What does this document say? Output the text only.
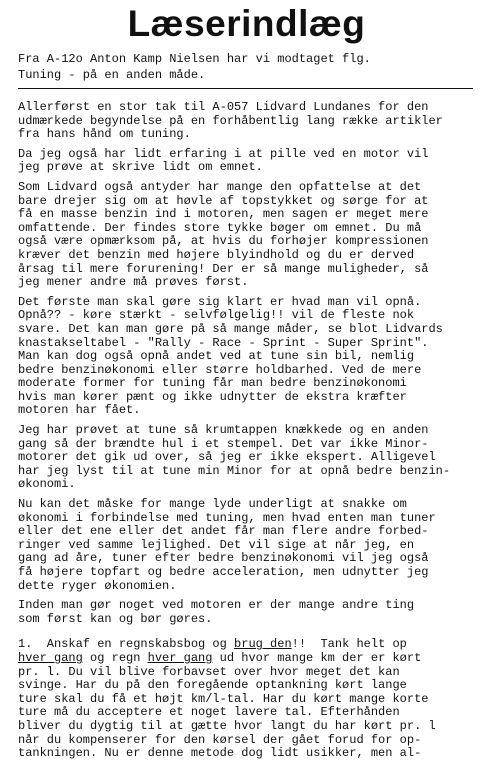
Læserindlæg

Fra A-12o Anton Kamp Nielsen har vi modtaget flg.

Tuning - på en anden måde.

Allerførst en stor tak til A-057 Lidvard Lundanes for den
udmærkede begyndelse på en forhåbentlig lang række artikler
fra hans hånd om tuning.

Da jeg også har lidt erfaring i at pille ved en motor vil
jeg prøve at skrive lidt om emnet.

Som Lidvard også antyder har mange den opfattelse at det
bare drejer sig om at høvle af topstykket og sørge for at
få en masse benzin ind i motoren, men sagen er meget mere
omfattende. Der findes store tykke bøger om emnet. Du må
også være opmærksom på, at hvis du forhøjer kompressionen
kræver det benzin med højere blyindhold og du er derved
årsag til mere forurening! Der er så mange muligheder, så
jeg mener andre må prøves først.

Det første man skal gøre sig klart er hvad man vil opnå.
Opnå?? - køre stærkt - selvfølgelig!! vil de fleste nok
svare. Det kan man gøre på så mange måder, se blot Lidvards
knastakseltabel - "Rally - Race - Sprint - Super Sprint".
Man kan dog også opnå andet ved at tune sin bil, nemlig
bedre benzinøkonomi eller større holdbarhed. Ved de mere
moderate former for tuning får man bedre benzinøkonomi
hvis man kører pænt og ikke udnytter de ekstra kræfter
motoren har fået.

Jeg har prøvet at tune så krumtappen knækkede og en anden
gang så der brændte hul i et stempel. Det var ikke Minor-
motorer det gik ud over, så jeg er ikke ekspert. Alligevel
har jeg lyst til at tune min Minor for at opnå bedre benzin-
økonomi.

Nu kan det måske for mange lyde underligt at snakke om
økonomi i forbindelse med tuning, men hvad enten man tuner
eller det ene eller det andet får man flere andre forbed-
ringer ved samme lejlighed. Det vil sige at når jeg, en
gang ad åre, tuner efter bedre benzinøkonomi vil jeg også
få højere topfart og bedre acceleration, men udnytter jeg
dette ryger økonomien.

Inden man gør noget ved motoren er der mange andre ting
som først kan og bør gøres.

1.  Anskaf en regnskabsbog og brug den!!  Tank helt op
hver gang og regn hver gang ud hvor mange km der er kørt
pr. l. Du vil blive forbavset over hvor meget det kan
svinge. Har du på den foregående optankning kørt lange
ture skal du få et højt km/l-tal. Har du kørt mange korte
ture må du acceptere et noget lavere tal. Efterhånden
bliver du dygtig til at gætte hvor langt du har kørt pr. l
når du kompenserer for den kørsel der gået forud for op-
tankningen. Nu er denne metode dog lidt usikker, men al-
